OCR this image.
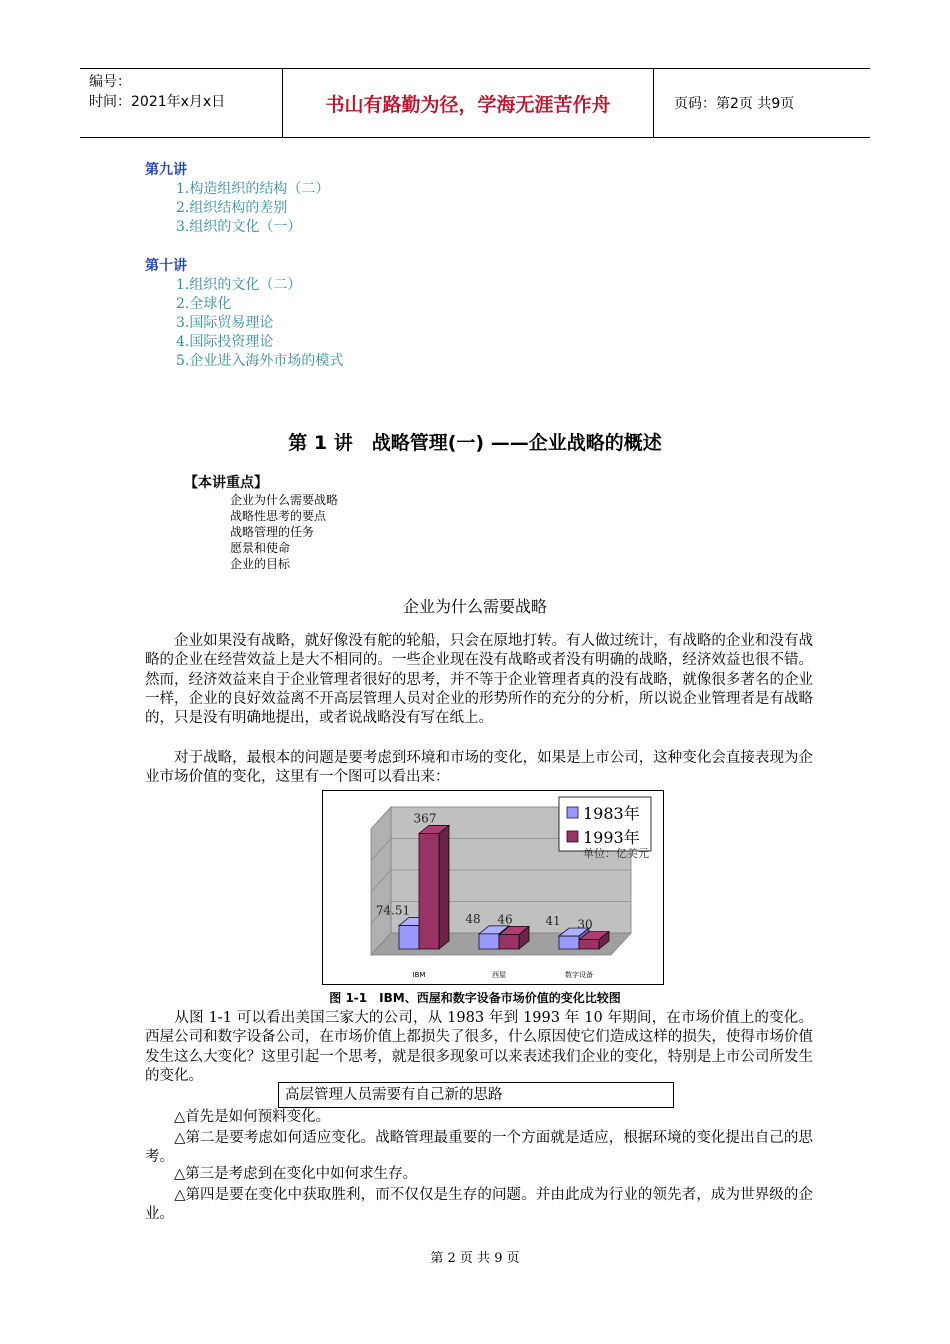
编号：
时间：2021年x月x日	书山有路勤为径，学海无涯苦作舟	页码：第2页 共9页
第九讲
1.构造组织的结构（二）
2.组织结构的差别
3.组织的文化（一）
第十讲
1.组织的文化（二）
2.全球化
3.国际贸易理论
4.国际投资理论
5.企业进入海外市场的模式
第 1 讲　战略管理(一) ——企业战略的概述
【本讲重点】
企业为什么需要战略
战略性思考的要点
战略管理的任务
愿景和使命
企业的目标
企业为什么需要战略
　　企业如果没有战略，就好像没有舵的轮船，只会在原地打转。有人做过统计，有战略的企业和没有战略的企业在经营效益上是大不相同的。一些企业现在没有战略或者没有明确的战略，经济效益也很不错。然而，经济效益来自于企业管理者很好的思考，并不等于企业管理者真的没有战略，就像很多著名的企业一样，企业的良好效益离不开高层管理人员对企业的形势所作的充分的分析，所以说企业管理者是有战略的，只是没有明确地提出，或者说战略没有写在纸上。
　　对于战略，最根本的问题是要考虑到环境和市场的变化，如果是上市公司，这种变化会直接表现为企业市场价值的变化，这里有一个图可以看出来：
74.51
367
IBM
48 46
西屋
41 30
数字设备
1983年
1993年
单位：亿美元
图 1-1　IBM、西屋和数字设备市场价值的变化比较图
　　从图 1-1 可以看出美国三家大的公司，从 1983 年到 1993 年 10 年期间，在市场价值上的变化。西屋公司和数字设备公司，在市场价值上都损失了很多，什么原因使它们造成这样的损失，使得市场价值发生这么大变化？这里引起一个思考，就是很多现象可以来表述我们企业的变化，特别是上市公司所发生的变化。
高层管理人员需要有自己新的思路
　　△首先是如何预料变化。
　　△第二是要考虑如何适应变化。战略管理最重要的一个方面就是适应，根据环境的变化提出自己的思考。
　　△第三是考虑到在变化中如何求生存。
　　△第四是要在变化中获取胜利，而不仅仅是生存的问题。并由此成为行业的领先者，成为世界级的企业。
第 2 页 共 9 页
